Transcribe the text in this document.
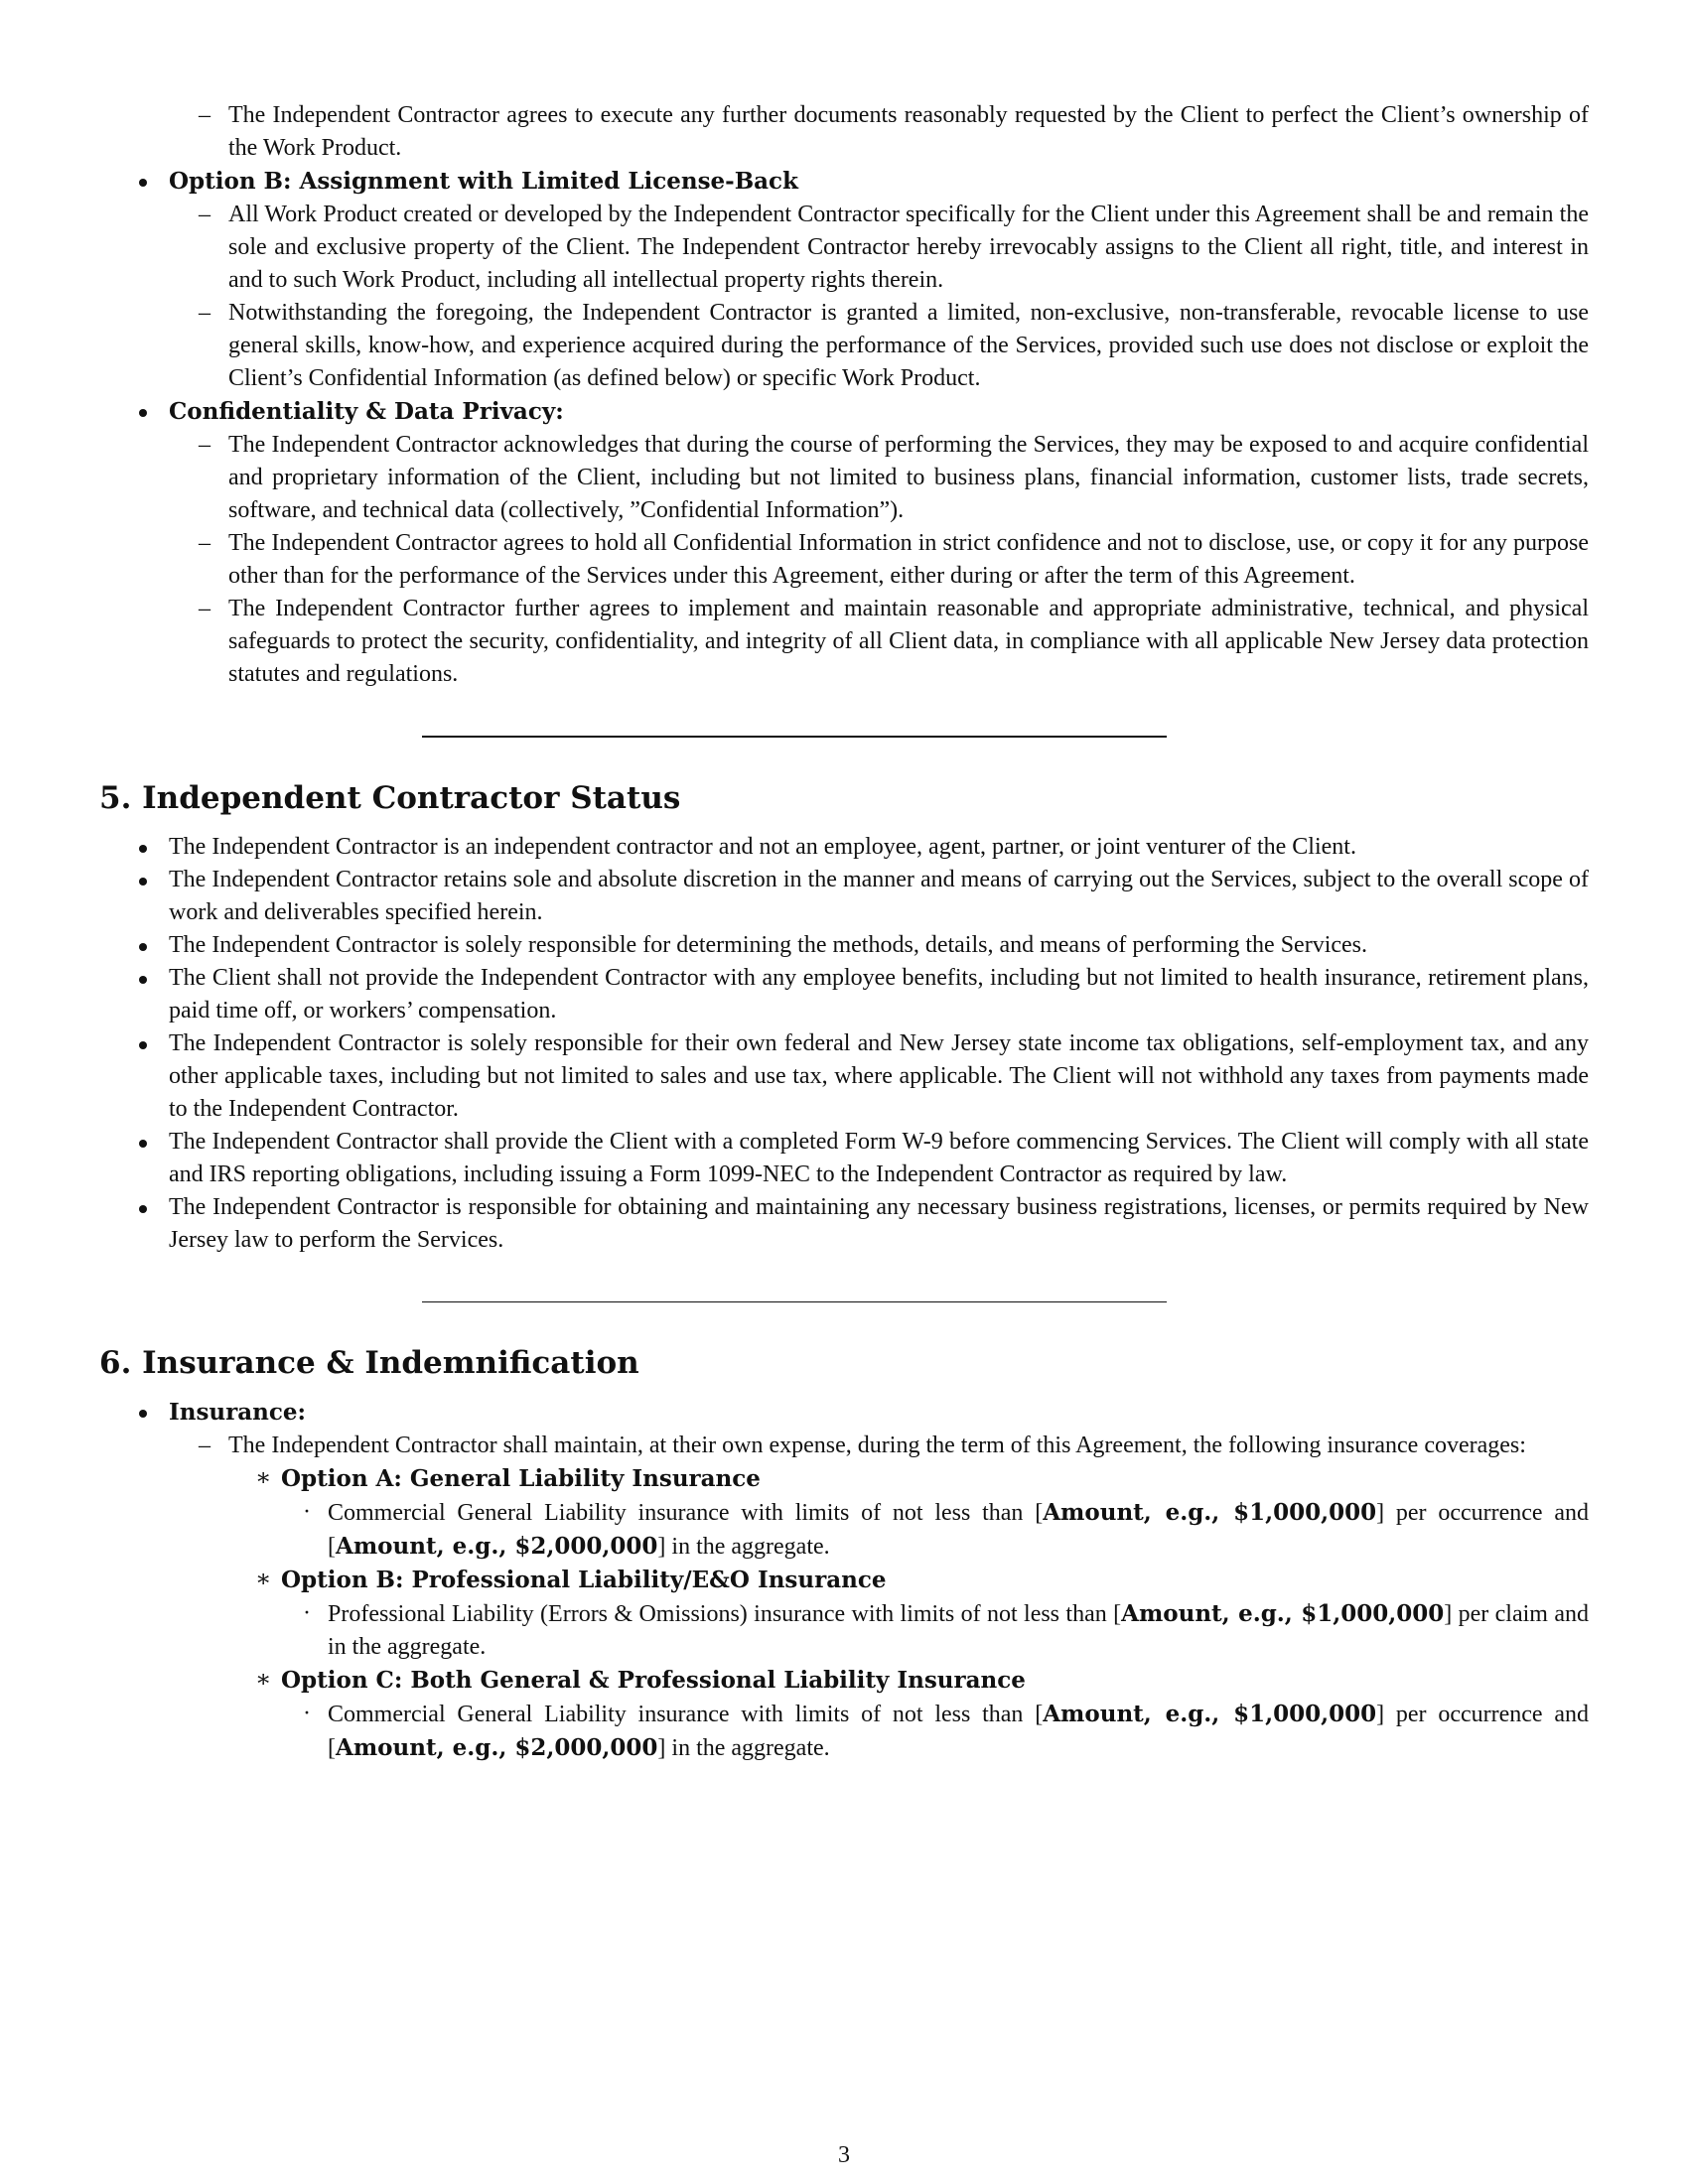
– The Independent Contractor agrees to execute any further documents reasonably requested by the Client to perfect the Client’s ownership of the Work Product.
Option B: Assignment with Limited License-Back
– All Work Product created or developed by the Independent Contractor specifically for the Client under this Agreement shall be and remain the sole and exclusive property of the Client. The Independent Contractor hereby irrevocably assigns to the Client all right, title, and interest in and to such Work Product, including all intellectual property rights therein.
– Notwithstanding the foregoing, the Independent Contractor is granted a limited, non-exclusive, non-transferable, revocable license to use general skills, know-how, and experience acquired during the performance of the Services, provided such use does not disclose or exploit the Client’s Confidential Information (as defined below) or specific Work Product.
Confidentiality & Data Privacy:
– The Independent Contractor acknowledges that during the course of performing the Services, they may be exposed to and acquire confidential and proprietary information of the Client, including but not limited to business plans, financial information, customer lists, trade secrets, software, and technical data (collectively, ”Confidential Information”).
– The Independent Contractor agrees to hold all Confidential Information in strict confidence and not to disclose, use, or copy it for any purpose other than for the performance of the Services under this Agreement, either during or after the term of this Agreement.
– The Independent Contractor further agrees to implement and maintain reasonable and appropriate administrative, technical, and physical safeguards to protect the security, confidentiality, and integrity of all Client data, in compliance with all applicable New Jersey data protection statutes and regulations.
5. Independent Contractor Status
The Independent Contractor is an independent contractor and not an employee, agent, partner, or joint venturer of the Client.
The Independent Contractor retains sole and absolute discretion in the manner and means of carrying out the Services, subject to the overall scope of work and deliverables specified herein.
The Independent Contractor is solely responsible for determining the methods, details, and means of performing the Services.
The Client shall not provide the Independent Contractor with any employee benefits, including but not limited to health insurance, retirement plans, paid time off, or workers’ compensation.
The Independent Contractor is solely responsible for their own federal and New Jersey state income tax obligations, self-employment tax, and any other applicable taxes, including but not limited to sales and use tax, where applicable. The Client will not withhold any taxes from payments made to the Independent Contractor.
The Independent Contractor shall provide the Client with a completed Form W-9 before commencing Services. The Client will comply with all state and IRS reporting obligations, including issuing a Form 1099-NEC to the Independent Contractor as required by law.
The Independent Contractor is responsible for obtaining and maintaining any necessary business registrations, licenses, or permits required by New Jersey law to perform the Services.
6. Insurance & Indemnification
Insurance:
– The Independent Contractor shall maintain, at their own expense, during the term of this Agreement, the following insurance coverages:
∗ Option A: General Liability Insurance
· Commercial General Liability insurance with limits of not less than [Amount, e.g., $1,000,000] per occurrence and [Amount, e.g., $2,000,000] in the aggregate.
∗ Option B: Professional Liability/E&O Insurance
· Professional Liability (Errors & Omissions) insurance with limits of not less than [Amount, e.g., $1,000,000] per claim and in the aggregate.
∗ Option C: Both General & Professional Liability Insurance
· Commercial General Liability insurance with limits of not less than [Amount, e.g., $1,000,000] per occurrence and [Amount, e.g., $2,000,000] in the aggregate.
3
